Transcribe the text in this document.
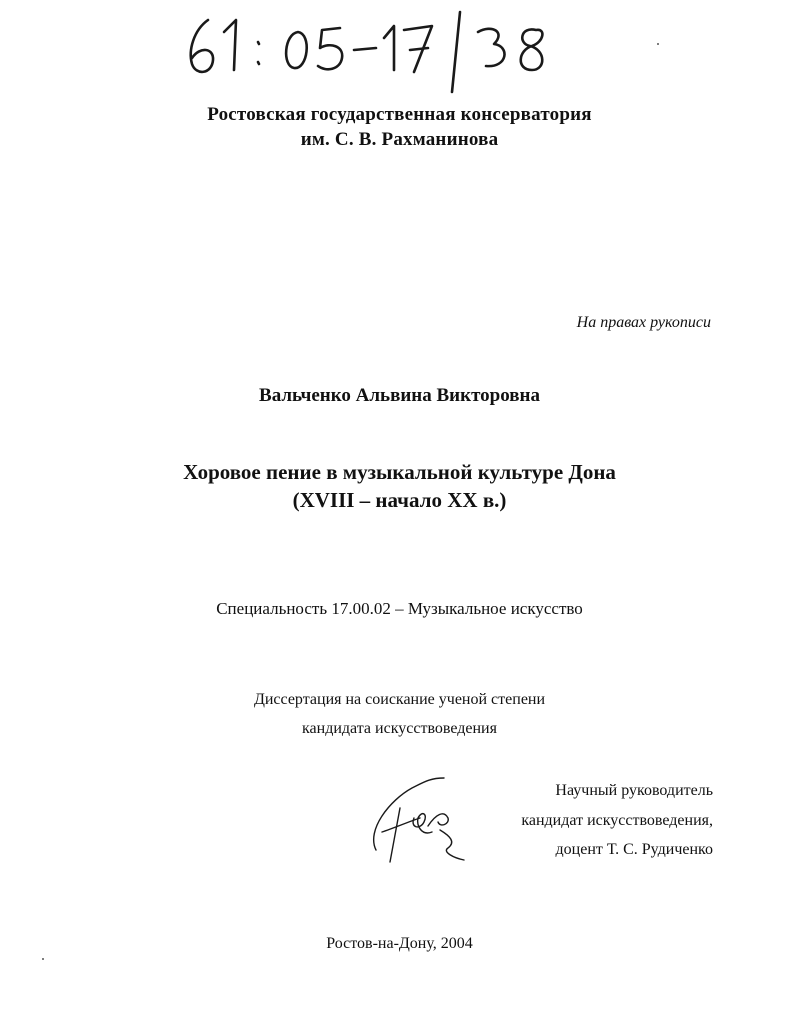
Ростовская государственная консерватория
им. С. В. Рахманинова
На правах рукописи
Вальченко Альвина Викторовна
Хоровое пение в музыкальной культуре Дона
(XVIII – начало XX в.)
Специальность 17.00.02 – Музыкальное искусство
Диссертация на соискание ученой степени
кандидата искусствоведения
Научный руководитель
кандидат искусствоведения,
доцент Т. С. Рудиченко
Ростов-на-Дону, 2004
